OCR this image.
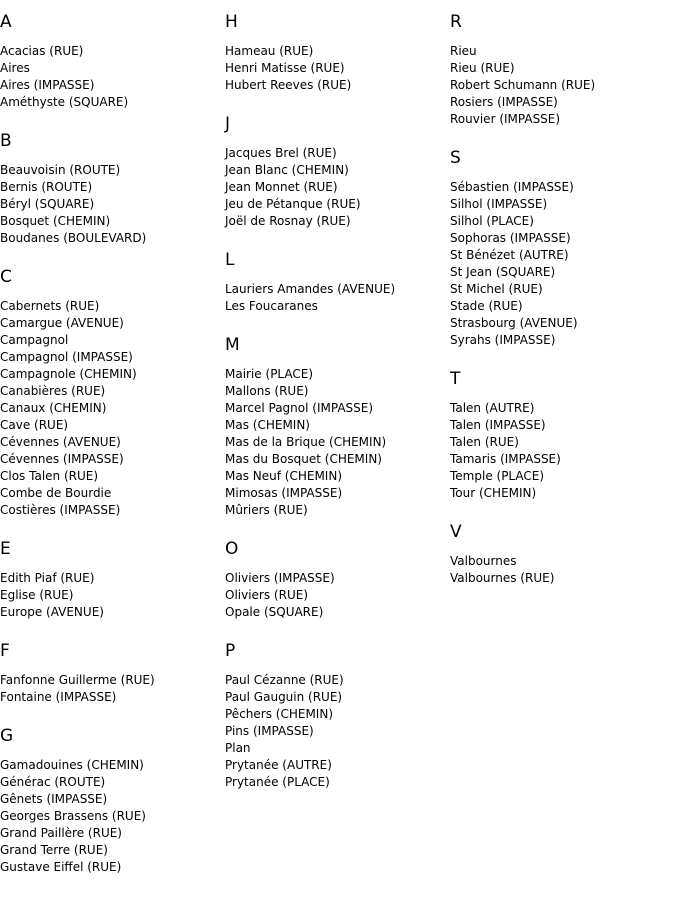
A
Acacias (RUE)
Aires
Aires (IMPASSE)
Améthyste (SQUARE)
B
Beauvoisin (ROUTE)
Bernis (ROUTE)
Béryl (SQUARE)
Bosquet (CHEMIN)
Boudanes (BOULEVARD)
C
Cabernets (RUE)
Camargue (AVENUE)
Campagnol
Campagnol (IMPASSE)
Campagnole (CHEMIN)
Canabières (RUE)
Canaux (CHEMIN)
Cave (RUE)
Cévennes (AVENUE)
Cévennes (IMPASSE)
Clos Talen (RUE)
Combe de Bourdie
Costières (IMPASSE)
E
Edith Piaf (RUE)
Eglise (RUE)
Europe (AVENUE)
F
Fanfonne Guillerme (RUE)
Fontaine (IMPASSE)
G
Gamadouines (CHEMIN)
Générac (ROUTE)
Gênets (IMPASSE)
Georges Brassens (RUE)
Grand Paillère (RUE)
Grand Terre (RUE)
Gustave Eiffel (RUE)
H
Hameau (RUE)
Henri Matisse (RUE)
Hubert Reeves (RUE)
J
Jacques Brel (RUE)
Jean Blanc (CHEMIN)
Jean Monnet (RUE)
Jeu de Pétanque (RUE)
Joël de Rosnay (RUE)
L
Lauriers Amandes (AVENUE)
Les Foucaranes
M
Mairie (PLACE)
Mallons (RUE)
Marcel Pagnol (IMPASSE)
Mas (CHEMIN)
Mas de la Brique (CHEMIN)
Mas du Bosquet (CHEMIN)
Mas Neuf (CHEMIN)
Mimosas (IMPASSE)
Mûriers (RUE)
O
Oliviers (IMPASSE)
Oliviers (RUE)
Opale (SQUARE)
P
Paul Cézanne (RUE)
Paul Gauguin (RUE)
Pêchers (CHEMIN)
Pins (IMPASSE)
Plan
Prytanée (AUTRE)
Prytanée (PLACE)
R
Rieu
Rieu (RUE)
Robert Schumann (RUE)
Rosiers (IMPASSE)
Rouvier (IMPASSE)
S
Sébastien (IMPASSE)
Silhol (IMPASSE)
Silhol (PLACE)
Sophoras (IMPASSE)
St Bénézet (AUTRE)
St Jean (SQUARE)
St Michel (RUE)
Stade (RUE)
Strasbourg (AVENUE)
Syrahs (IMPASSE)
T
Talen (AUTRE)
Talen (IMPASSE)
Talen (RUE)
Tamaris (IMPASSE)
Temple (PLACE)
Tour (CHEMIN)
V
Valbournes
Valbournes (RUE)
